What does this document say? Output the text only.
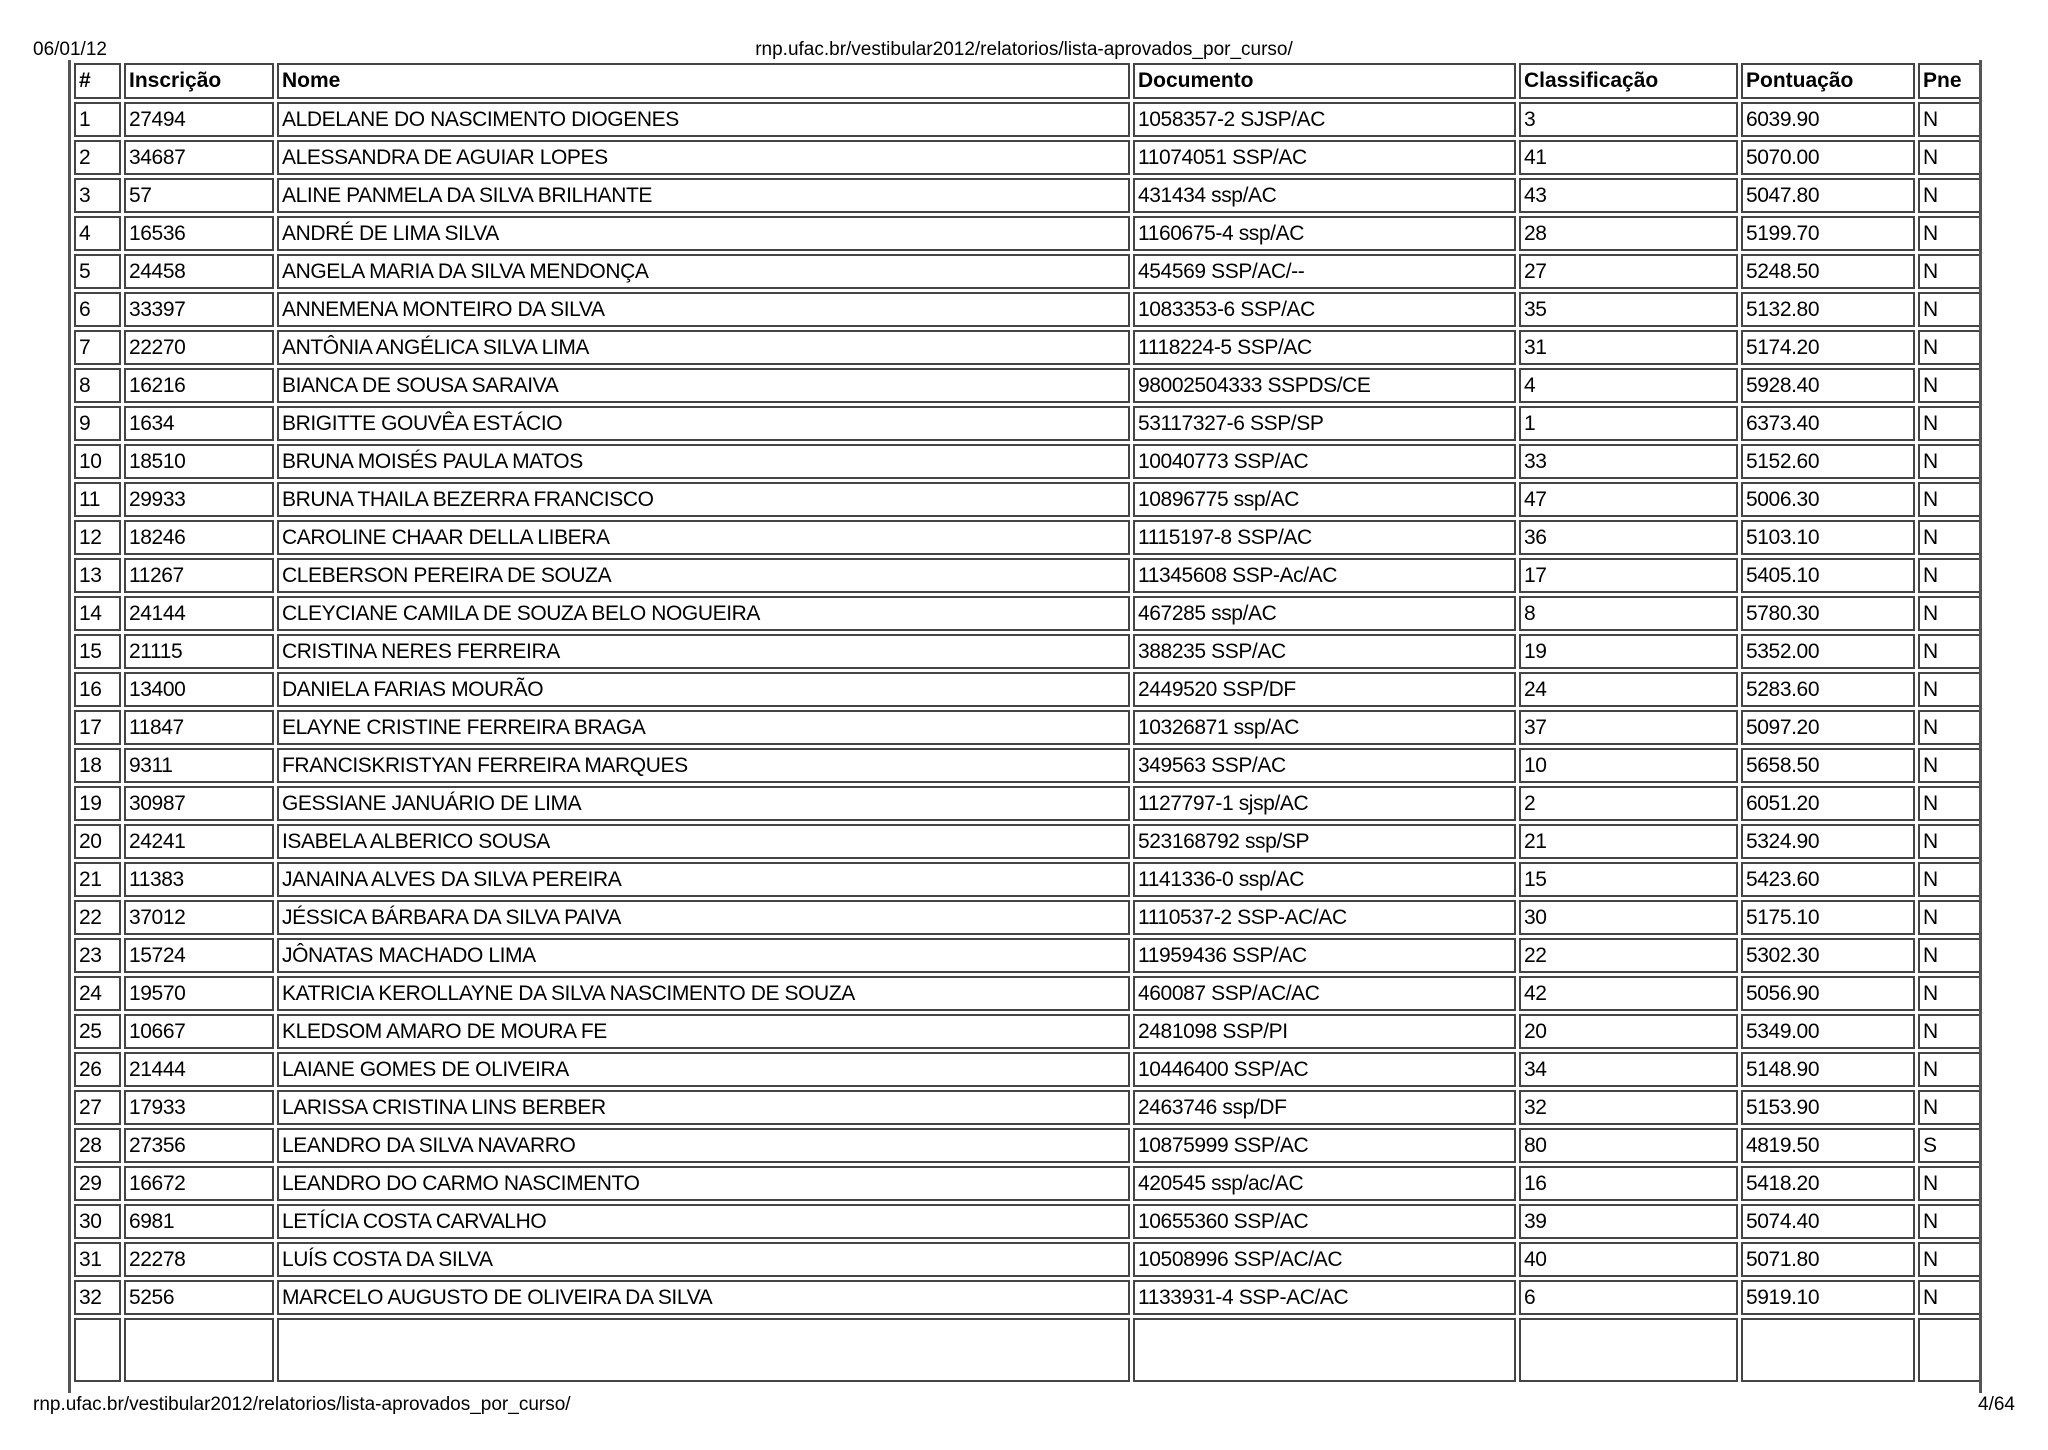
06/01/12	rnp.ufac.br/vestibular2012/relatorios/lista-aprovados_por_curso/
#	Inscrição	Nome	Documento	Classificação	Pontuação	Pne
1	27494	ALDELANE DO NASCIMENTO DIOGENES	1058357-2 SJSP/AC	3	6039.90	N
2	34687	ALESSANDRA DE AGUIAR LOPES	11074051 SSP/AC	41	5070.00	N
3	57	ALINE PANMELA DA SILVA BRILHANTE	431434 ssp/AC	43	5047.80	N
4	16536	ANDRÉ DE LIMA SILVA	1160675-4 ssp/AC	28	5199.70	N
5	24458	ANGELA MARIA DA SILVA MENDONÇA	454569 SSP/AC/--	27	5248.50	N
6	33397	ANNEMENA MONTEIRO DA SILVA	1083353-6 SSP/AC	35	5132.80	N
7	22270	ANTÔNIA ANGÉLICA SILVA LIMA	1118224-5 SSP/AC	31	5174.20	N
8	16216	BIANCA DE SOUSA SARAIVA	98002504333 SSPDS/CE	4	5928.40	N
9	1634	BRIGITTE GOUVÊA ESTÁCIO	53117327-6 SSP/SP	1	6373.40	N
10	18510	BRUNA MOISÉS PAULA MATOS	10040773 SSP/AC	33	5152.60	N
11	29933	BRUNA THAILA BEZERRA FRANCISCO	10896775 ssp/AC	47	5006.30	N
12	18246	CAROLINE CHAAR DELLA LIBERA	1115197-8 SSP/AC	36	5103.10	N
13	11267	CLEBERSON PEREIRA DE SOUZA	11345608 SSP-Ac/AC	17	5405.10	N
14	24144	CLEYCIANE CAMILA DE SOUZA BELO NOGUEIRA	467285 ssp/AC	8	5780.30	N
15	21115	CRISTINA NERES FERREIRA	388235 SSP/AC	19	5352.00	N
16	13400	DANIELA FARIAS MOURÃO	2449520 SSP/DF	24	5283.60	N
17	11847	ELAYNE CRISTINE FERREIRA BRAGA	10326871 ssp/AC	37	5097.20	N
18	9311	FRANCISKRISTYAN FERREIRA MARQUES	349563 SSP/AC	10	5658.50	N
19	30987	GESSIANE JANUÁRIO DE LIMA	1127797-1 sjsp/AC	2	6051.20	N
20	24241	ISABELA ALBERICO SOUSA	523168792 ssp/SP	21	5324.90	N
21	11383	JANAINA ALVES DA SILVA PEREIRA	1141336-0 ssp/AC	15	5423.60	N
22	37012	JÉSSICA BÁRBARA DA SILVA PAIVA	1110537-2 SSP-AC/AC	30	5175.10	N
23	15724	JÔNATAS MACHADO LIMA	11959436 SSP/AC	22	5302.30	N
24	19570	KATRICIA KEROLLAYNE DA SILVA NASCIMENTO DE SOUZA	460087 SSP/AC/AC	42	5056.90	N
25	10667	KLEDSOM AMARO DE MOURA FE	2481098 SSP/PI	20	5349.00	N
26	21444	LAIANE GOMES DE OLIVEIRA	10446400 SSP/AC	34	5148.90	N
27	17933	LARISSA CRISTINA LINS BERBER	2463746 ssp/DF	32	5153.90	N
28	27356	LEANDRO DA SILVA NAVARRO	10875999 SSP/AC	80	4819.50	S
29	16672	LEANDRO DO CARMO NASCIMENTO	420545 ssp/ac/AC	16	5418.20	N
30	6981	LETÍCIA COSTA CARVALHO	10655360 SSP/AC	39	5074.40	N
31	22278	LUÍS COSTA DA SILVA	10508996 SSP/AC/AC	40	5071.80	N
32	5256	MARCELO AUGUSTO DE OLIVEIRA DA SILVA	1133931-4 SSP-AC/AC	6	5919.10	N

rnp.ufac.br/vestibular2012/relatorios/lista-aprovados_por_curso/	4/64
